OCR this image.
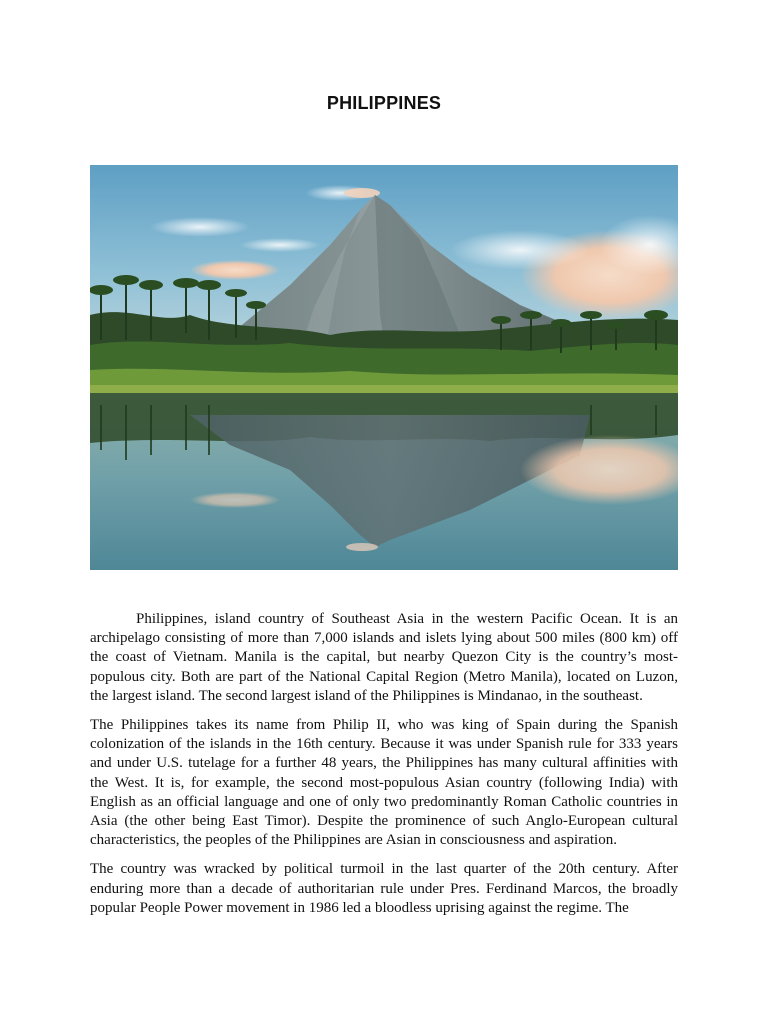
PHILIPPINES

Philippines, island country of Southeast Asia in the western Pacific Ocean. It is an archipelago consisting of more than 7,000 islands and islets lying about 500 miles (800 km) off the coast of Vietnam. Manila is the capital, but nearby Quezon City is the country’s most-populous city. Both are part of the National Capital Region (Metro Manila), located on Luzon, the largest island. The second largest island of the Philippines is Mindanao, in the southeast.

The Philippines takes its name from Philip II, who was king of Spain during the Spanish colonization of the islands in the 16th century. Because it was under Spanish rule for 333 years and under U.S. tutelage for a further 48 years, the Philippines has many cultural affinities with the West. It is, for example, the second most-populous Asian country (following India) with English as an official language and one of only two predominantly Roman Catholic countries in Asia (the other being East Timor). Despite the prominence of such Anglo-European cultural characteristics, the peoples of the Philippines are Asian in consciousness and aspiration.

The country was wracked by political turmoil in the last quarter of the 20th century. After enduring more than a decade of authoritarian rule under Pres. Ferdinand Marcos, the broadly popular People Power movement in 1986 led a bloodless uprising against the regime. The
